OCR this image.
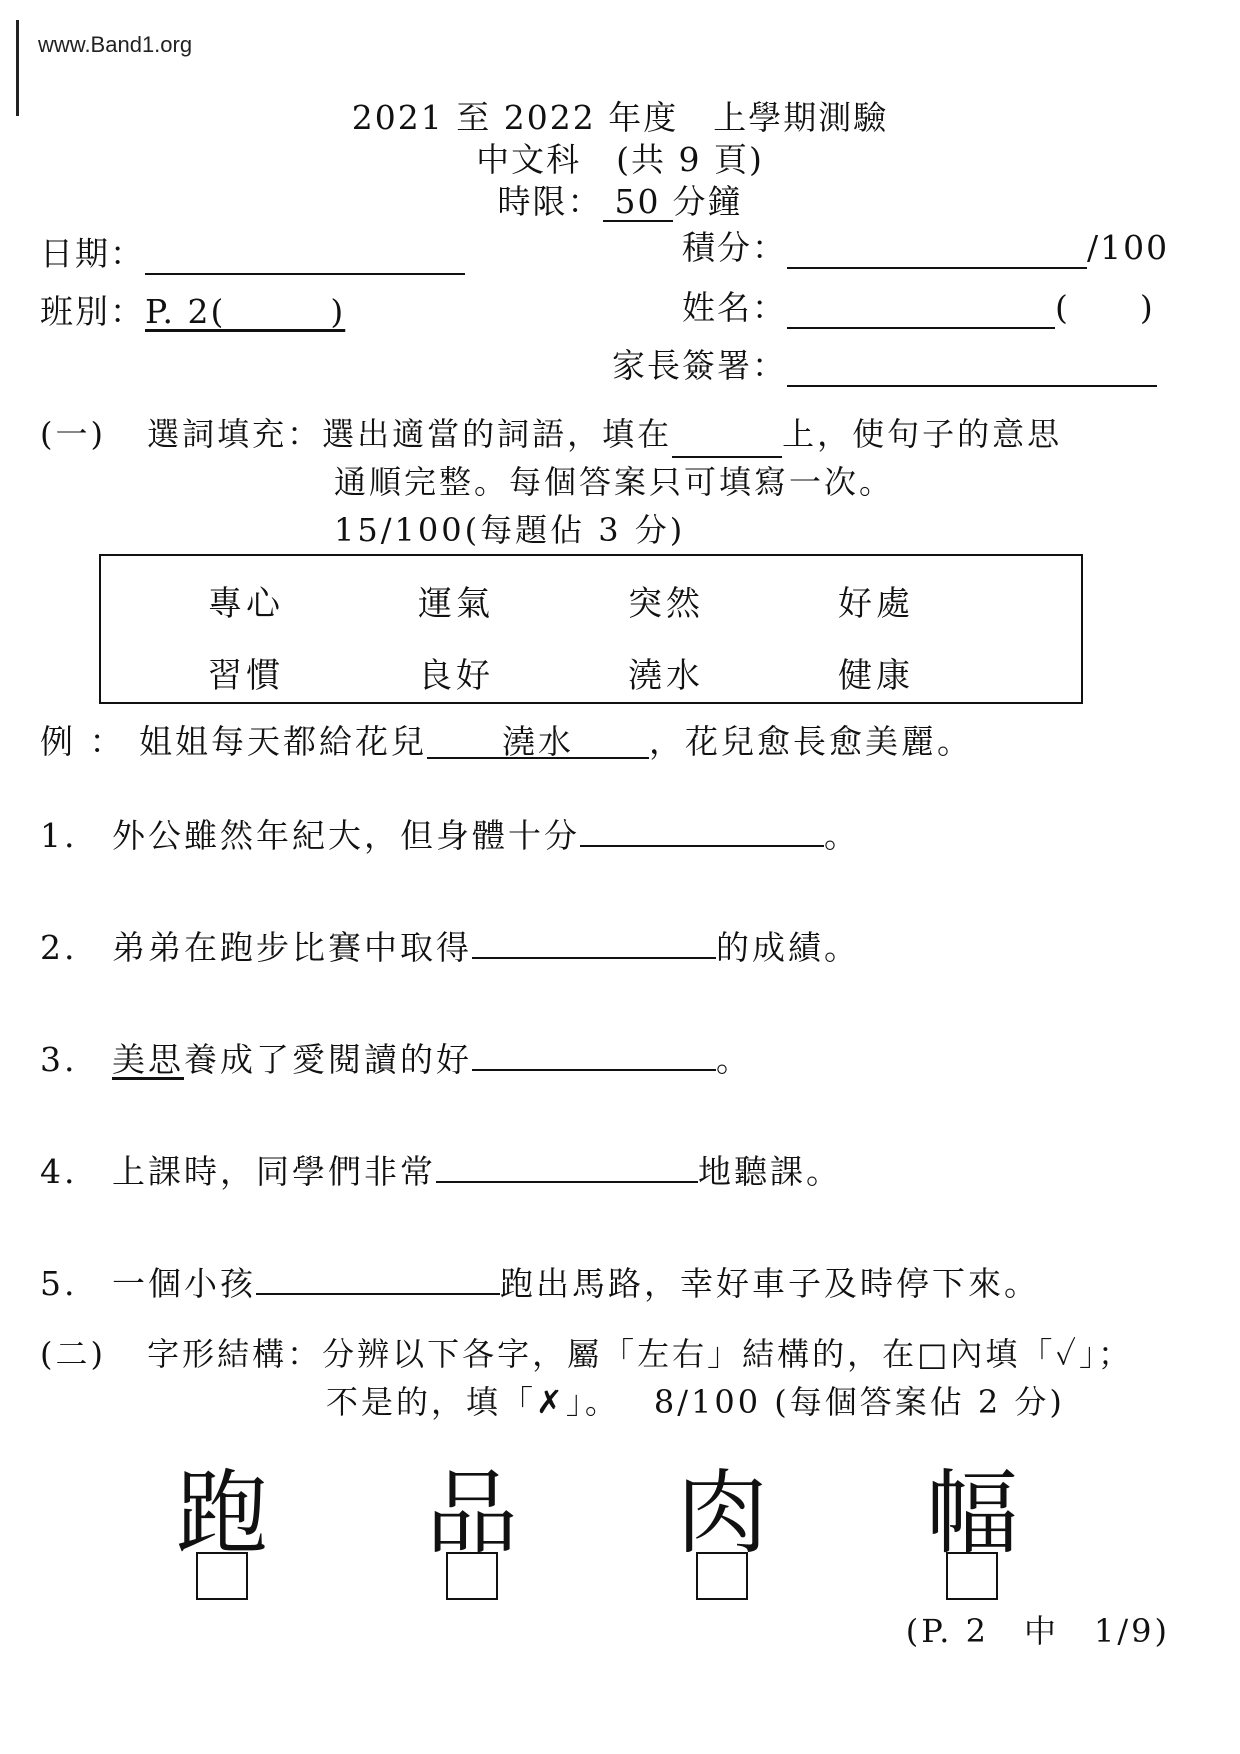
www.Band1.org
2021 至 2022 年度　上學期測驗
中文科　(共 9 頁)
時限： 50 分鐘
日期：	積分：	/100
班別：P. 2(　　　)	姓名：	(　　)
家長簽署：
(一) 選詞填充：選出適當的詞語，填在	上，使句子的意思
通順完整。每個答案只可填寫一次。
15/100(每題佔 3 分)
專心	運氣	突然	好處
習慣	良好	澆水	健康
例 ： 姐姐每天都給花兒 澆水 ，花兒愈長愈美麗。
1. 外公雖然年紀大，但身體十分	。
2. 弟弟在跑步比賽中取得	的成績。
3. 美思養成了愛閱讀的好	。
4. 上課時，同學們非常	地聽課。
5. 一個小孩	跑出馬路，幸好車子及時停下來。
(二) 字形結構：分辨以下各字，屬「左右」結構的，在□內填「✓」；
不是的，填「✗」。 8/100 (每個答案佔 2 分)
跑 品 肉 幅
(P. 2　中　1/9)
